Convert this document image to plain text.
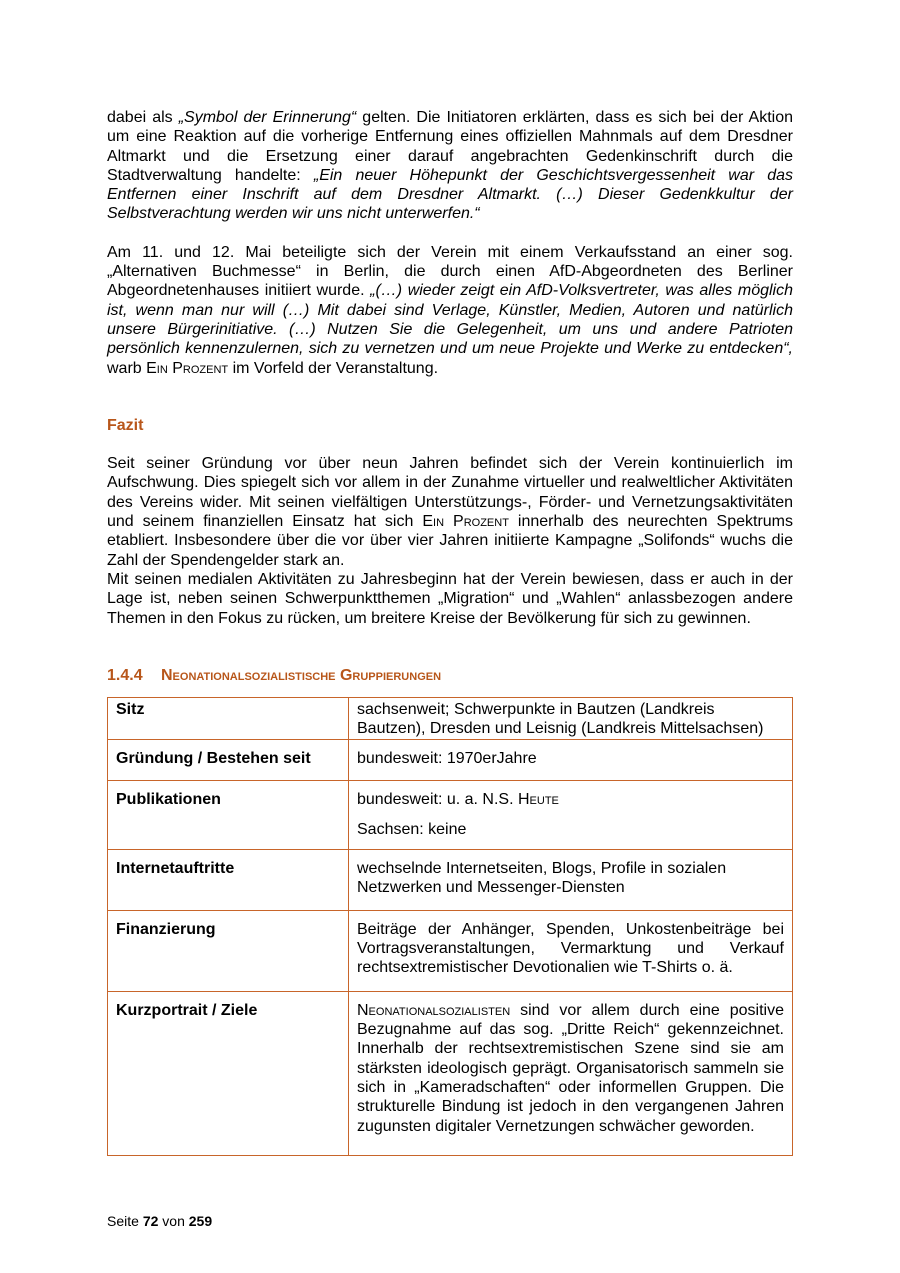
dabei als „Symbol der Erinnerung“ gelten. Die Initiatoren erklärten, dass es sich bei der Aktion um eine Reaktion auf die vorherige Entfernung eines offiziellen Mahnmals auf dem Dresdner Altmarkt und die Ersetzung einer darauf angebrachten Gedenkinschrift durch die Stadtverwaltung handelte: „Ein neuer Höhepunkt der Geschichtsvergessenheit war das Entfernen einer Inschrift auf dem Dresdner Altmarkt. (…) Dieser Gedenkkultur der Selbstverachtung werden wir uns nicht unterwerfen.“

Am 11. und 12. Mai beteiligte sich der Verein mit einem Verkaufsstand an einer sog. „Alternativen Buchmesse“ in Berlin, die durch einen AfD-Abgeordneten des Berliner Abgeordnetenhauses initiiert wurde. „(…) wieder zeigt ein AfD-Volksvertreter, was alles möglich ist, wenn man nur will (…) Mit dabei sind Verlage, Künstler, Medien, Autoren und natürlich unsere Bürgerinitiative. (…) Nutzen Sie die Gelegenheit, um uns und andere Patrioten persönlich kennenzulernen, sich zu vernetzen und um neue Projekte und Werke zu entdecken“, warb Ein Prozent im Vorfeld der Veranstaltung.

Fazit

Seit seiner Gründung vor über neun Jahren befindet sich der Verein kontinuierlich im Aufschwung. Dies spiegelt sich vor allem in der Zunahme virtueller und realweltlicher Aktivitäten des Vereins wider. Mit seinen vielfältigen Unterstützungs-, Förder- und Vernetzungsaktivitäten und seinem finanziellen Einsatz hat sich Ein Prozent innerhalb des neurechten Spektrums etabliert. Insbesondere über die vor über vier Jahren initiierte Kampagne „Solifonds“ wuchs die Zahl der Spendengelder stark an.

Mit seinen medialen Aktivitäten zu Jahresbeginn hat der Verein bewiesen, dass er auch in der Lage ist, neben seinen Schwerpunktthemen „Migration“ und „Wahlen“ anlassbezogen andere Themen in den Fokus zu rücken, um breitere Kreise der Bevölkerung für sich zu gewinnen.

1.4.4 Neonationalsozialistische Gruppierungen
Sitz	sachsenweit; Schwerpunkte in Bautzen (Landkreis Bautzen), Dresden und Leisnig (Landkreis Mittelsachsen)
Gründung / Bestehen seit	bundesweit: 1970erJahre
Publikationen	bundesweit: u. a. N.S. Heute

Sachsen: keine

Internetauftritte	wechselnde Internetseiten, Blogs, Profile in sozialen Netzwerken und Messenger-Diensten
Finanzierung	Beiträge der Anhänger, Spenden, Unkostenbeiträge bei Vortragsveranstaltungen, Vermarktung und Verkauf rechtsextremistischer Devotionalien wie T-Shirts o. ä.
Kurzportrait / Ziele	Neonationalsozialisten sind vor allem durch eine positive Bezugnahme auf das sog. „Dritte Reich“ gekennzeichnet. Innerhalb der rechtsextremistischen Szene sind sie am stärksten ideologisch geprägt. Organisatorisch sammeln sie sich in „Kameradschaften“ oder informellen Gruppen. Die strukturelle Bindung ist jedoch in den vergangenen Jahren zugunsten digitaler Vernetzungen schwächer geworden.
Seite 72 von 259
